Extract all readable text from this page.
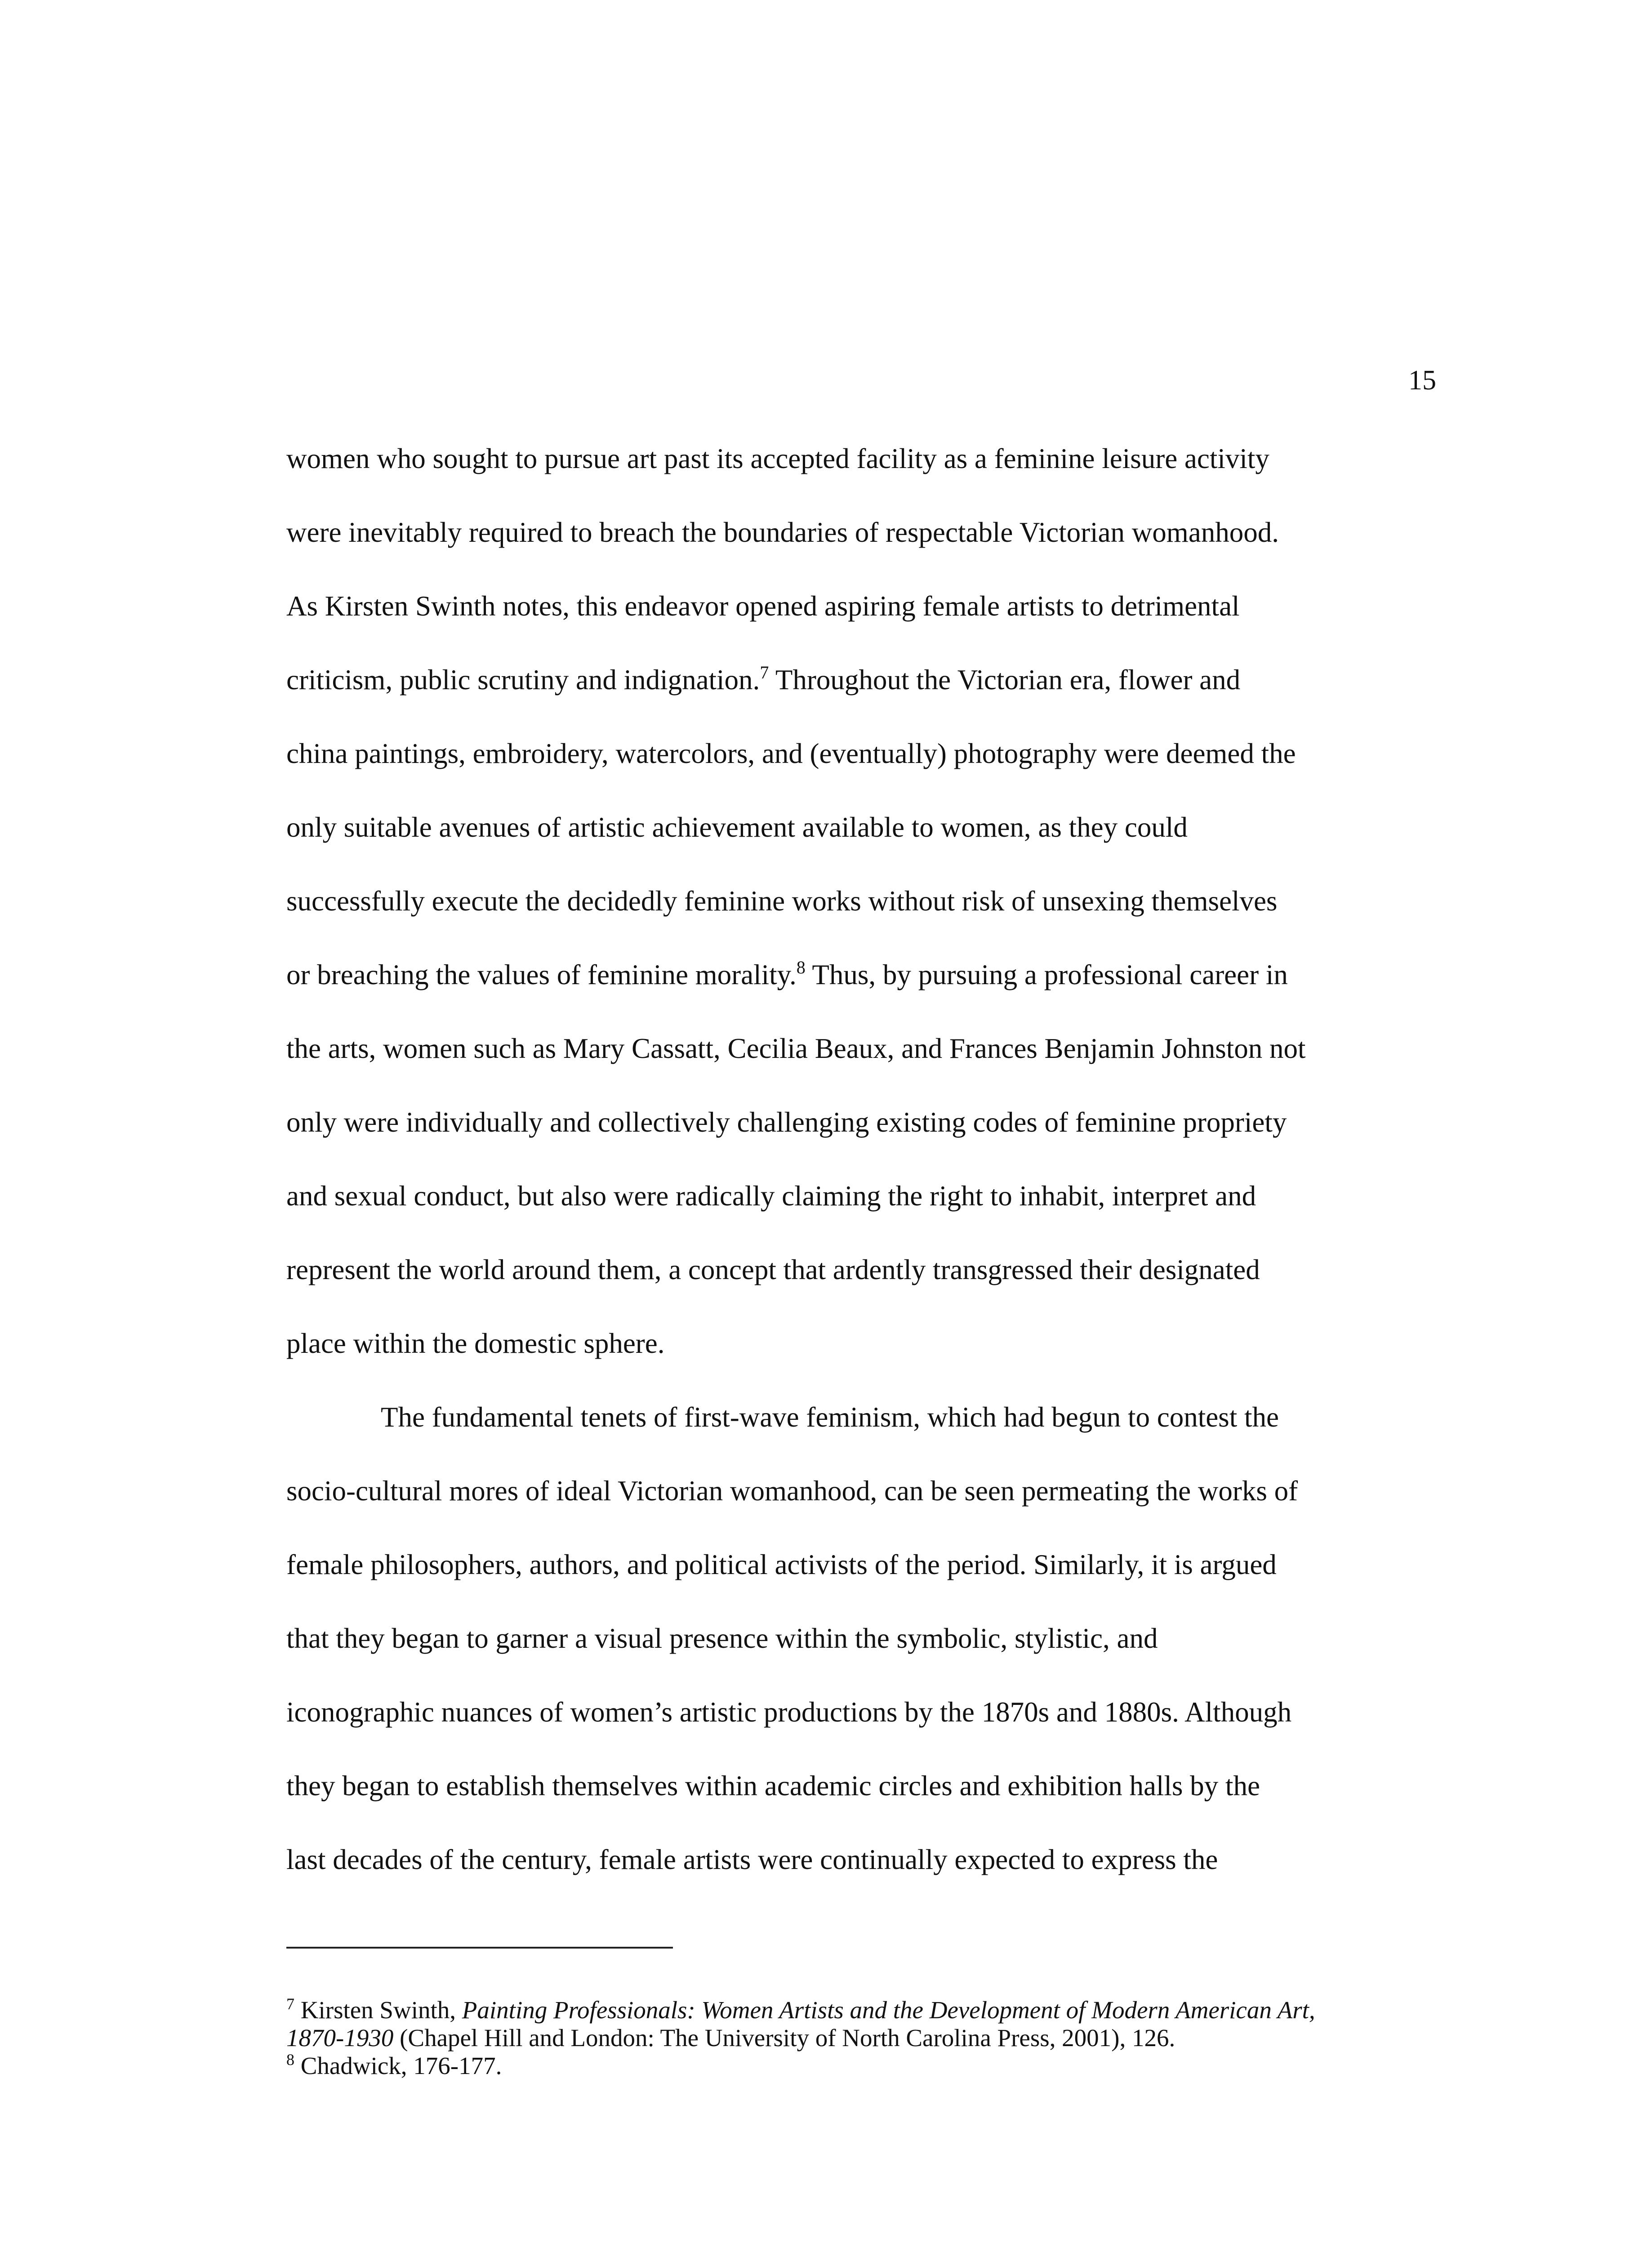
15
women who sought to pursue art past its accepted facility as a feminine leisure activity
were inevitably required to breach the boundaries of respectable Victorian womanhood.
As Kirsten Swinth notes, this endeavor opened aspiring female artists to detrimental
criticism, public scrutiny and indignation.$^7$ Throughout the Victorian era, flower and
china paintings, embroidery, watercolors, and (eventually) photography were deemed the
only suitable avenues of artistic achievement available to women, as they could
successfully execute the decidedly feminine works without risk of unsexing themselves
or breaching the values of feminine morality.$^8$ Thus, by pursuing a professional career in
the arts, women such as Mary Cassatt, Cecilia Beaux, and Frances Benjamin Johnston not
only were individually and collectively challenging existing codes of feminine propriety
and sexual conduct, but also were radically claiming the right to inhabit, interpret and
represent the world around them, a concept that ardently transgressed their designated
place within the domestic sphere.
The fundamental tenets of first-wave feminism, which had begun to contest the
socio-cultural mores of ideal Victorian womanhood, can be seen permeating the works of
female philosophers, authors, and political activists of the period. Similarly, it is argued
that they began to garner a visual presence within the symbolic, stylistic, and
iconographic nuances of women’s artistic productions by the 1870s and 1880s. Although
they began to establish themselves within academic circles and exhibition halls by the
last decades of the century, female artists were continually expected to express the
$^7$ Kirsten Swinth, Painting Professionals: Women Artists and the Development of Modern American Art,
1870-1930 (Chapel Hill and London: The University of North Carolina Press, 2001), 126.
$^8$ Chadwick, 176-177.
